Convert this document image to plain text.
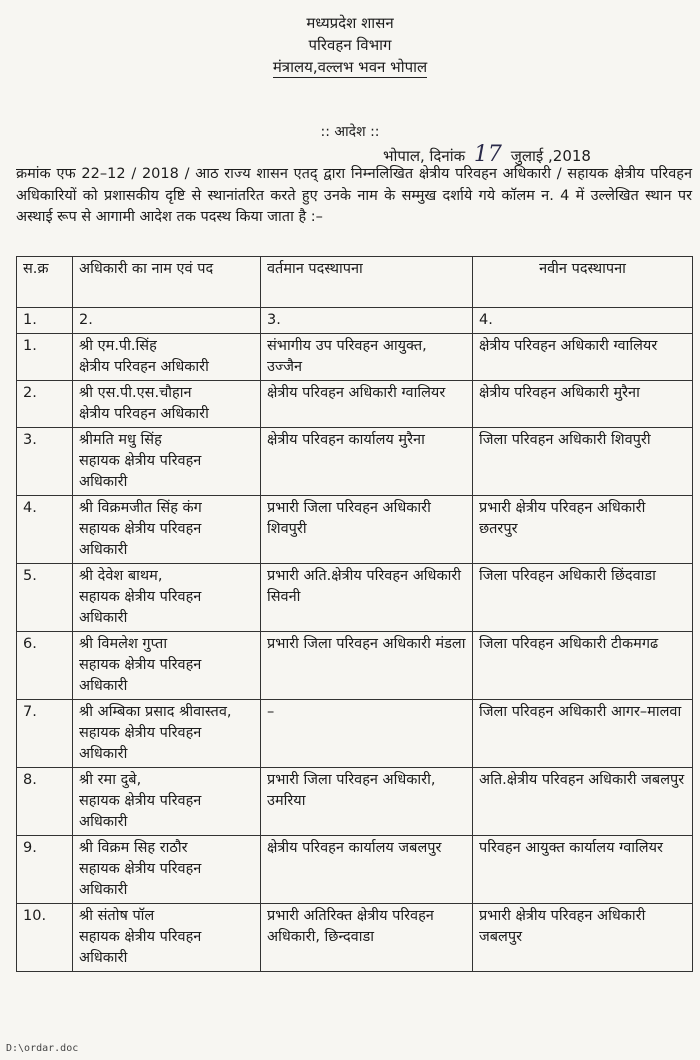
मध्यप्रदेश शासन
परिवहन विभाग
मंत्रालय,वल्लभ भवन भोपाल
:: आदेश ::
भोपाल, दिनांक 17 जुलाई ,2018
क्रमांक एफ 22–12 / 2018 / आठ राज्य शासन एतद् द्वारा निम्नलिखित क्षेत्रीय परिवहन अधिकारी / सहायक क्षेत्रीय परिवहन अधिकारियों को प्रशासकीय दृष्टि से स्थानांतरित करते हुए उनके नाम के सम्मुख दर्शाये गये कॉलम न. 4 में उल्लेखित स्थान पर अस्थाई रूप से आगामी आदेश तक पदस्थ किया जाता है :–
स.क्र	अधिकारी का नाम एवं पद	वर्तमान पदस्थापना	नवीन पदस्थापना
1.	2.	3.	4.

1.	श्री एम.पी.सिंह
क्षेत्रीय परिवहन अधिकारी	संभागीय उप परिवहन आयुक्त, उज्जैन	क्षेत्रीय परिवहन अधिकारी ग्वालियर

2.	श्री एस.पी.एस.चौहान
क्षेत्रीय परिवहन अधिकारी	क्षेत्रीय परिवहन अधिकारी ग्वालियर	क्षेत्रीय परिवहन अधिकारी मुरैना

3.	श्रीमति मधु सिंह
सहायक क्षेत्रीय परिवहन अधिकारी	क्षेत्रीय परिवहन कार्यालय मुरैना	जिला परिवहन अधिकारी शिवपुरी

4.	श्री विक्रमजीत सिंह कंग
सहायक क्षेत्रीय परिवहन अधिकारी	प्रभारी जिला परिवहन अधिकारी शिवपुरी	प्रभारी क्षेत्रीय परिवहन अधिकारी छतरपुर

5.	श्री देवेश बाथम,
सहायक क्षेत्रीय परिवहन अधिकारी	प्रभारी अति.क्षेत्रीय परिवहन अधिकारी सिवनी	जिला परिवहन अधिकारी छिंदवाडा

6.	श्री विमलेश गुप्ता
सहायक क्षेत्रीय परिवहन अधिकारी	प्रभारी जिला परिवहन अधिकारी मंडला	जिला परिवहन अधिकारी टीकमगढ

7.	श्री अम्बिका प्रसाद श्रीवास्तव,
सहायक क्षेत्रीय परिवहन अधिकारी	–	जिला परिवहन अधिकारी आगर–मालवा

8.	श्री रमा दुबे,
सहायक क्षेत्रीय परिवहन अधिकारी	प्रभारी जिला परिवहन अधिकारी, उमरिया	अति.क्षेत्रीय परिवहन अधिकारी जबलपुर

9.	श्री विक्रम सिह राठौर
सहायक क्षेत्रीय परिवहन अधिकारी	क्षेत्रीय परिवहन कार्यालय जबलपुर	परिवहन आयुक्त कार्यालय ग्वालियर

10.	श्री संतोष पॉल
सहायक क्षेत्रीय परिवहन अधिकारी	प्रभारी अतिरिक्त क्षेत्रीय परिवहन अधिकारी, छिन्दवाडा	प्रभारी क्षेत्रीय परिवहन अधिकारी जबलपुर
D:\ordar.doc
